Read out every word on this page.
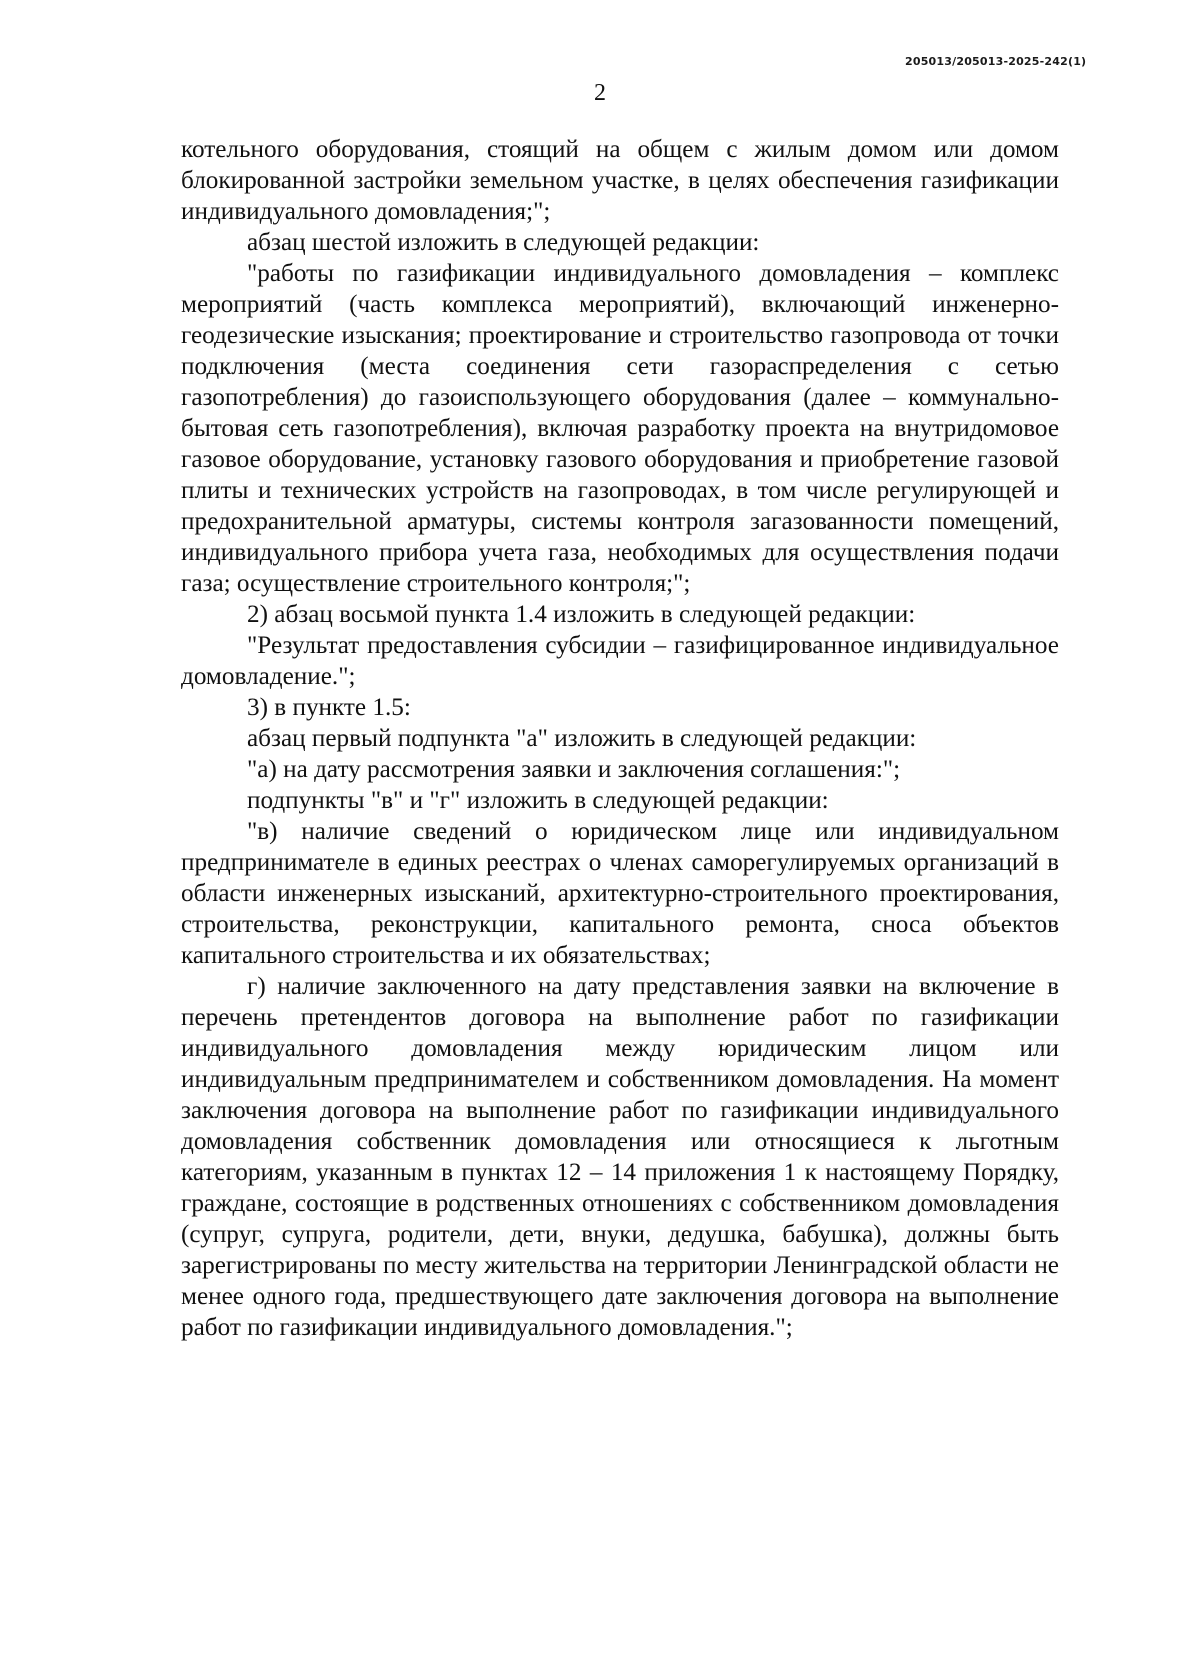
205013/205013-2025-242(1)
2

котельного оборудования, стоящий на общем с жилым домом или домом блокированной застройки земельном участке, в целях обеспечения газификации индивидуального домовладения;";

абзац шестой изложить в следующей редакции:

"работы по газификации индивидуального домовладения – комплекс мероприятий (часть комплекса мероприятий), включающий инженерно-геодезические изыскания; проектирование и строительство газопровода от точки подключения (места соединения сети газораспределения с сетью газопотребления) до газоиспользующего оборудования (далее – коммунально-бытовая сеть газопотребления), включая разработку проекта на внутридомовое газовое оборудование, установку газового оборудования и приобретение газовой плиты и технических устройств на газопроводах, в том числе регулирующей и предохранительной арматуры, системы контроля загазованности помещений, индивидуального прибора учета газа, необходимых для осуществления подачи газа; осуществление строительного контроля;";

2) абзац восьмой пункта 1.4 изложить в следующей редакции:

"Результат предоставления субсидии – газифицированное индивидуальное домовладение.";

3) в пункте 1.5:

абзац первый подпункта "а" изложить в следующей редакции:

"а) на дату рассмотрения заявки и заключения соглашения:";

подпункты "в" и "г" изложить в следующей редакции:

"в) наличие сведений о юридическом лице или индивидуальном предпринимателе в единых реестрах о членах саморегулируемых организаций в области инженерных изысканий, архитектурно-строительного проектирования, строительства, реконструкции, капитального ремонта, сноса объектов капитального строительства и их обязательствах;

г) наличие заключенного на дату представления заявки на включение в перечень претендентов договора на выполнение работ по газификации индивидуального домовладения между юридическим лицом или индивидуальным предпринимателем и собственником домовладения. На момент заключения договора на выполнение работ по газификации индивидуального домовладения собственник домовладения или относящиеся к льготным категориям, указанным в пунктах 12 – 14 приложения 1 к настоящему Порядку, граждане, состоящие в родственных отношениях с собственником домовладения (супруг, супруга, родители, дети, внуки, дедушка, бабушка), должны быть зарегистрированы по месту жительства на территории Ленинградской области не менее одного года, предшествующего дате заключения договора на выполнение работ по газификации индивидуального домовладения.";
